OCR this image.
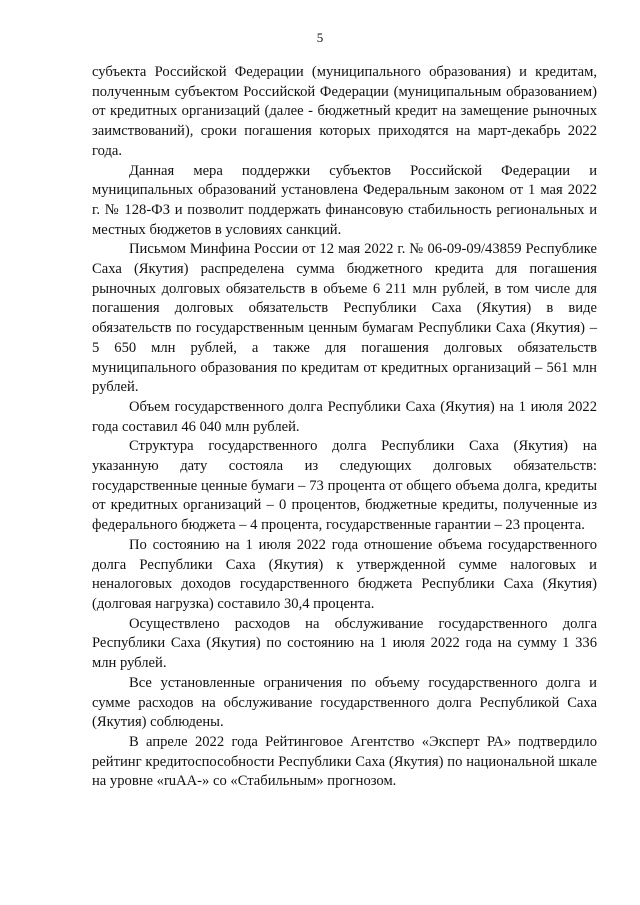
5

субъекта Российской Федерации (муниципального образования) и кредитам, полученным субъектом Российской Федерации (муниципальным образованием) от кредитных организаций (далее - бюджетный кредит на замещение рыночных заимствований), сроки погашения которых приходятся на март-декабрь 2022 года.

Данная мера поддержки субъектов Российской Федерации и муниципальных образований установлена Федеральным законом от 1 мая 2022 г. № 128-ФЗ и позволит поддержать финансовую стабильность региональных и местных бюджетов в условиях санкций.

Письмом Минфина России от 12 мая 2022 г. № 06-09-09/43859 Республике Саха (Якутия) распределена сумма бюджетного кредита для погашения рыночных долговых обязательств в объеме 6 211 млн рублей, в том числе для погашения долговых обязательств Республики Саха (Якутия) в виде обязательств по государственным ценным бумагам Республики Саха (Якутия) – 5 650 млн рублей, а также для погашения долговых обязательств муниципального образования по кредитам от кредитных организаций – 561 млн рублей.

Объем государственного долга Республики Саха (Якутия) на 1 июля 2022 года составил 46 040 млн рублей.

Структура государственного долга Республики Саха (Якутия) на указанную дату состояла из следующих долговых обязательств: государственные ценные бумаги – 73 процента от общего объема долга, кредиты от кредитных организаций – 0 процентов, бюджетные кредиты, полученные из федерального бюджета – 4 процента, государственные гарантии – 23 процента.

По состоянию на 1 июля 2022 года отношение объема государственного долга Республики Саха (Якутия) к утвержденной сумме налоговых и неналоговых доходов государственного бюджета Республики Саха (Якутия) (долговая нагрузка) составило 30,4 процента.

Осуществлено расходов на обслуживание государственного долга Республики Саха (Якутия) по состоянию на 1 июля 2022 года на сумму 1 336 млн рублей.

Все установленные ограничения по объему государственного долга и сумме расходов на обслуживание государственного долга Республикой Саха (Якутия) соблюдены.

В апреле 2022 года Рейтинговое Агентство «Эксперт РА» подтвердило рейтинг кредитоспособности Республики Саха (Якутия) по национальной шкале на уровне «ruAA-» со «Стабильным» прогнозом.
